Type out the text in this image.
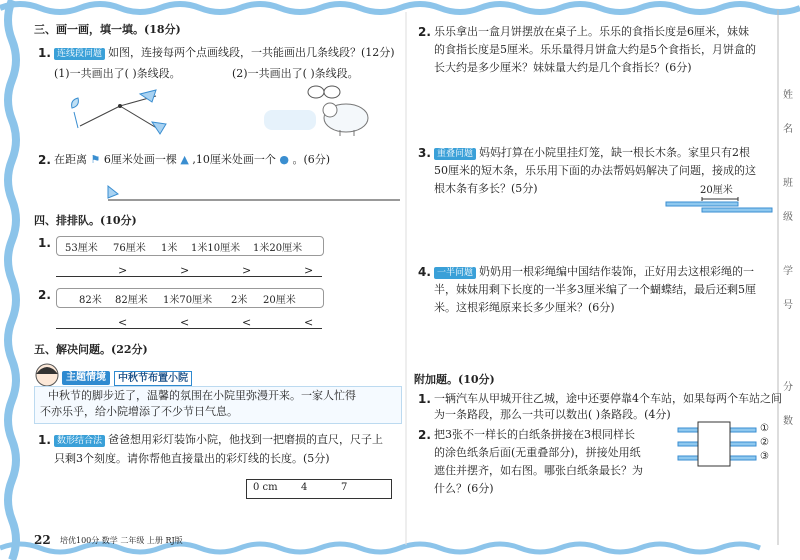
三、画一画，填一填。(18分)
1. 连线段问题 如图，连接每两个点画线段，一共能画出几条线段？(12分)
(1)一共画出了( )条线段。	(2)一共画出了( )条线段。
2. 在距离 ⚑ 6厘米处画一棵 ▲ ,10厘米处画一个 ● 。(6分)
四、排排队。(10分)
1. 53厘米 76厘米 1米 1米10厘米 1米20厘米
>	>	>	>
2.	82米 82厘米 1米70厘米 2米 20厘米
<	<	<	<
五、解决问题。(22分)
主题情境	中秋节布置小院
中秋节的脚步近了，温馨的氛围在小院里弥漫开来。一家人忙得
不亦乐乎，给小院增添了不少节日气息。
1. 数形结合法 爸爸想用彩灯装饰小院，他找到一把磨损的直尺，尺子上
只剩3个刻度。请你帮他直接量出的彩灯线的长度。(5分)
0 cm 4	7
22 培优100分 数学 二年级 上册 RJ版
2. 乐乐拿出一盒月饼摆放在桌子上。乐乐的食指长度是6厘米，妹妹
的食指长度是5厘米。乐乐量得月饼盒大约是5个食指长，月饼盒的
长大约是多少厘米？妹妹量大约是几个食指长？(6分)
3. 重叠问题 妈妈打算在小院里挂灯笼，缺一根长木条。家里只有2根
50厘米的短木条，乐乐用下面的办法帮妈妈解决了问题，接成的这
根木条有多长？(5分)	20厘米
4. 一半问题 奶奶用一根彩绳编中国结作装饰，正好用去这根彩绳的一
半，妹妹用剩下长度的一半多3厘米编了一个蝴蝶结，最后还剩5厘
米。这根彩绳原来长多少厘米？(6分)
附加题。(10分)
1. 一辆汽车从甲城开往乙城，途中还要停靠4个车站，如果每两个车站之间
为一条路段，那么一共可以数出( )条路段。(4分)
2. 把3张不一样长的白纸条拼接在3根同样长
的涂色纸条后面(无重叠部分)，拼接处用纸
遮住并摆齐，如右图。哪张白纸条最长？为
什么？(6分)
①
②
③
姓
名
班
级
学
号
分
数
